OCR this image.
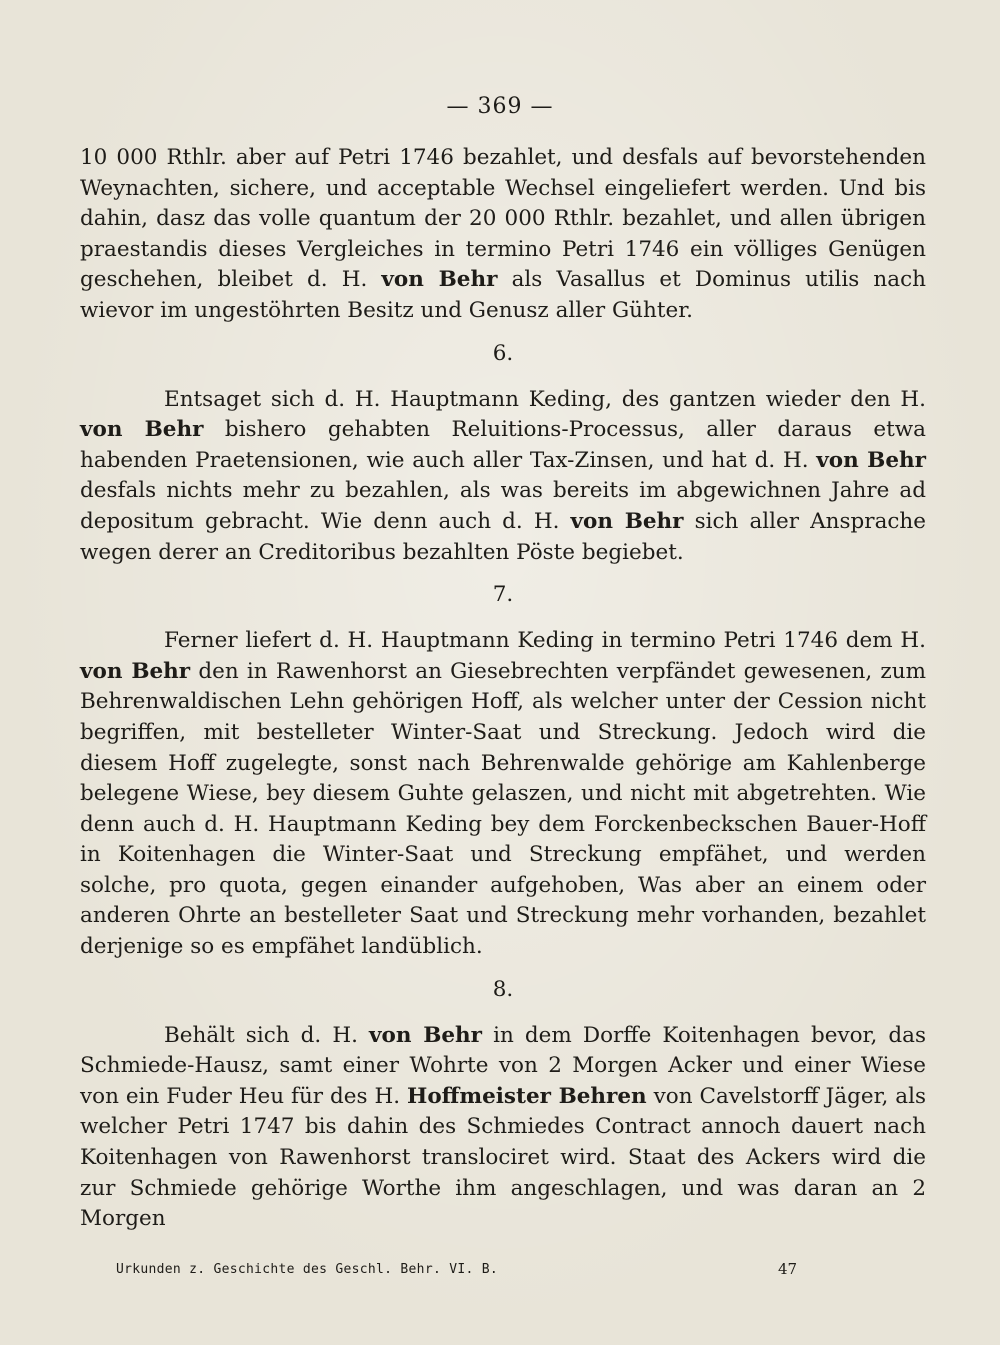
— 369 —

10 000 Rthlr. aber auf Petri 1746 bezahlet, und desfals auf bevorstehenden Weynachten, sichere, und acceptable Wechsel eingeliefert werden. Und bis dahin, dasz das volle quantum der 20 000 Rthlr. bezahlet, und allen übrigen praestandis dieses Vergleiches in termino Petri 1746 ein völliges Genügen geschehen, bleibet d. H. von Behr als Vasallus et Dominus utilis nach wievor im ungestöhrten Besitz und Genusz aller Gühter.

6.

Entsaget sich d. H. Hauptmann Keding, des gantzen wieder den H. von Behr bishero gehabten Reluitions-Processus, aller daraus etwa habenden Praetensionen, wie auch aller Tax-Zinsen, und hat d. H. von Behr desfals nichts mehr zu bezahlen, als was bereits im abgewichnen Jahre ad depositum gebracht. Wie denn auch d. H. von Behr sich aller Ansprache wegen derer an Creditoribus bezahlten Pöste begiebet.

7.

Ferner liefert d. H. Hauptmann Keding in termino Petri 1746 dem H. von Behr den in Rawenhorst an Giesebrechten verpfändet gewesenen, zum Behrenwaldischen Lehn gehörigen Hoff, als welcher unter der Cession nicht begriffen, mit bestelleter Winter-Saat und Streckung. Jedoch wird die diesem Hoff zugelegte, sonst nach Behrenwalde gehörige am Kahlenberge belegene Wiese, bey diesem Guhte gelaszen, und nicht mit abgetrehten. Wie denn auch d. H. Hauptmann Keding bey dem Forckenbeckschen Bauer-Hoff in Koitenhagen die Winter-Saat und Streckung empfähet, und werden solche, pro quota, gegen einander aufgehoben, Was aber an einem oder anderen Ohrte an bestelleter Saat und Streckung mehr vorhanden, bezahlet derjenige so es empfähet landüblich.

8.

Behält sich d. H. von Behr in dem Dorffe Koitenhagen bevor, das Schmiede-Hausz, samt einer Wohrte von 2 Morgen Acker und einer Wiese von ein Fuder Heu für des H. Hoffmeister Behren von Cavelstorff Jäger, als welcher Petri 1747 bis dahin des Schmiedes Contract annoch dauert nach Koitenhagen von Rawenhorst translociret wird. Staat des Ackers wird die zur Schmiede gehörige Worthe ihm angeschlagen, und was daran an 2 Morgen

Urkunden z. Geschichte des Geschl. Behr. VI. B.	47
